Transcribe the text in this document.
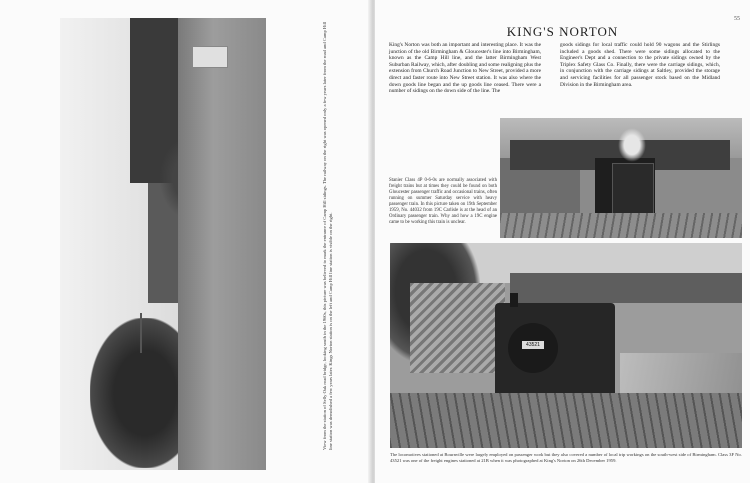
View from the station of Selly Oak road bridge, looking south in the 1960s, this picture was believed to mark the entrance of Camp Hill sidings. The railway on the right was opened only a few years later from the road and Camp Hill line station was demolished a few years later. Kings Norton station is on the left and Camp Hill line station is visible on the right.
55
KING'S NORTON
King's Norton was both an important and interesting place. It was the junction of the old Birmingham & Gloucester's line into Birmingham, known as the Camp Hill line, and the latter Birmingham West Suburban Railway, which, after doubling and some realigning plus the extension from Church Road Junction to New Street, provided a more direct and faster route into New Street station. It was also where the down goods line began and the up goods line ceased. There were a number of sidings on the down side of the line. The
goods sidings for local traffic could hold 90 wagons and the Stirlings included a goods shed. There were some sidings allocated to the Engineer's Dept and a connection to the private sidings owned by the Triplex Safety Glass Co. Finally, there were the carriage sidings, which, in conjunction with the carriage sidings at Saltley, provided the storage and servicing facilities for all passenger stock based on the Midland Division in the Birmingham area.
Stanier Class 4P 0-6-0s are normally associated with freight trains but at times they could be found on both Gloucester passenger traffic and occasional trains, often running on summer Saturday service with heavy passenger train. In this picture taken on 19th September 1959, No. 44032 from 19C Carlisle is at the head of an Ordinary passenger train. Why and how a 19C engine came to be working this train is unclear.
43521
The locomotives stationed at Bournville were largely employed on passenger work but they also covered a number of local trip workings on the south-west side of Birmingham. Class 3F No. 43521 was one of the freight engines stationed at 21B when it was photographed at King's Norton on 26th December 1959.
